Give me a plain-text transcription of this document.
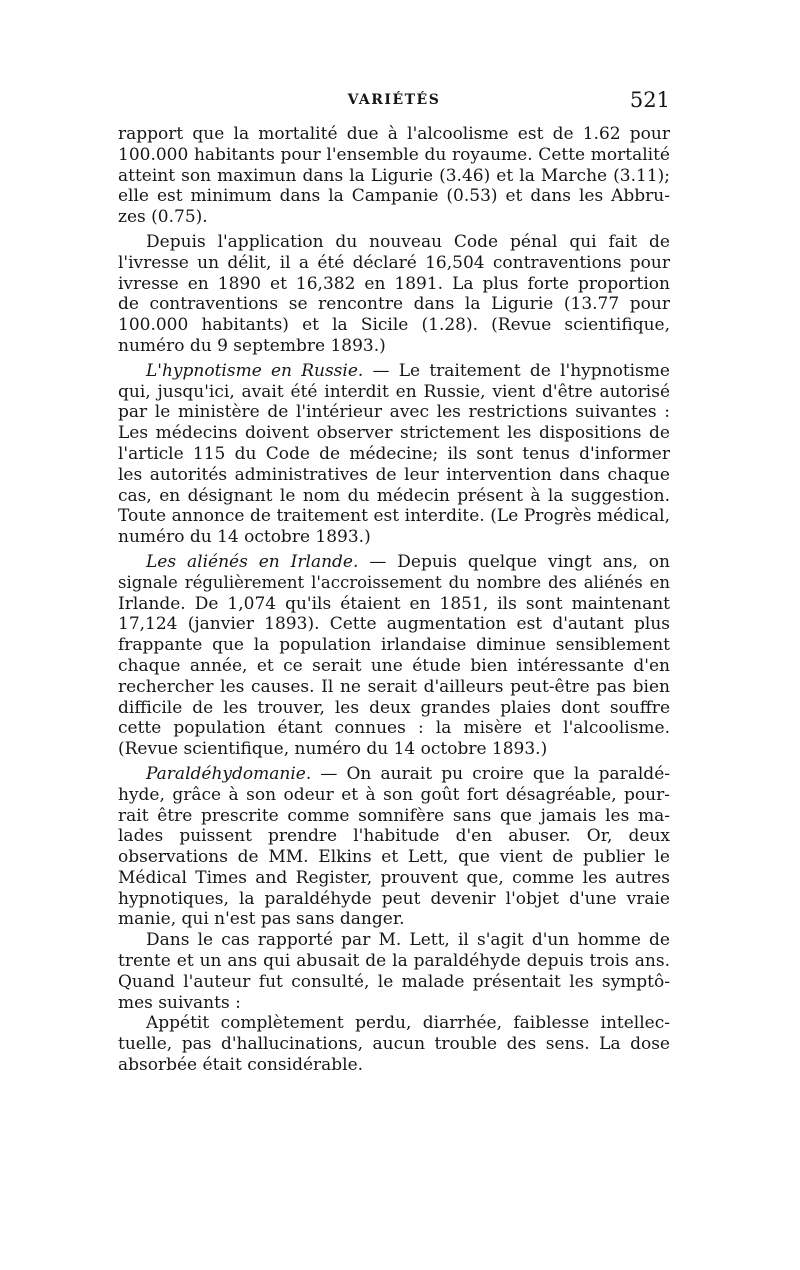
VARIÉTÉS	521
rapport que la mortalité due à l'alcoolisme est de 1.62 pour
100.000 habitants pour l'ensemble du royaume. Cette mortalité
atteint son maximun dans la Ligurie (3.46) et la Marche (3.11);
elle est minimum dans la Campanie (0.53) et dans les Abbru-
zes (0.75).
Depuis l'application du nouveau Code pénal qui fait de
l'ivresse un délit, il a été déclaré 16,504 contraventions pour
ivresse en 1890 et 16,382 en 1891. La plus forte proportion
de contraventions se rencontre dans la Ligurie (13.77 pour
100.000 habitants) et la Sicile (1.28). (Revue scientifique,
numéro du 9 septembre 1893.)
L'hypnotisme en Russie. — Le traitement de l'hypnotisme
qui, jusqu'ici, avait été interdit en Russie, vient d'être autorisé
par le ministère de l'intérieur avec les restrictions suivantes :
Les médecins doivent observer strictement les dispositions de
l'article 115 du Code de médecine; ils sont tenus d'informer
les autorités administratives de leur intervention dans chaque
cas, en désignant le nom du médecin présent à la suggestion.
Toute annonce de traitement est interdite. (Le Progrès médical,
numéro du 14 octobre 1893.)
Les aliénés en Irlande. — Depuis quelque vingt ans, on
signale régulièrement l'accroissement du nombre des aliénés en
Irlande. De 1,074 qu'ils étaient en 1851, ils sont maintenant
17,124 (janvier 1893). Cette augmentation est d'autant plus
frappante que la population irlandaise diminue sensiblement
chaque année, et ce serait une étude bien intéressante d'en
rechercher les causes. Il ne serait d'ailleurs peut-être pas bien
difficile de les trouver, les deux grandes plaies dont souffre
cette population étant connues : la misère et l'alcoolisme.
(Revue scientifique, numéro du 14 octobre 1893.)
Paraldéhydomanie. — On aurait pu croire que la paraldé-
hyde, grâce à son odeur et à son goût fort désagréable, pour-
rait être prescrite comme somnifère sans que jamais les ma-
lades puissent prendre l'habitude d'en abuser. Or, deux
observations de MM. Elkins et Lett, que vient de publier le
Médical Times and Register, prouvent que, comme les autres
hypnotiques, la paraldéhyde peut devenir l'objet d'une vraie
manie, qui n'est pas sans danger.
Dans le cas rapporté par M. Lett, il s'agit d'un homme de
trente et un ans qui abusait de la paraldéhyde depuis trois ans.
Quand l'auteur fut consulté, le malade présentait les symptô-
mes suivants :
Appétit complètement perdu, diarrhée, faiblesse intellec-
tuelle, pas d'hallucinations, aucun trouble des sens. La dose
absorbée était considérable.
